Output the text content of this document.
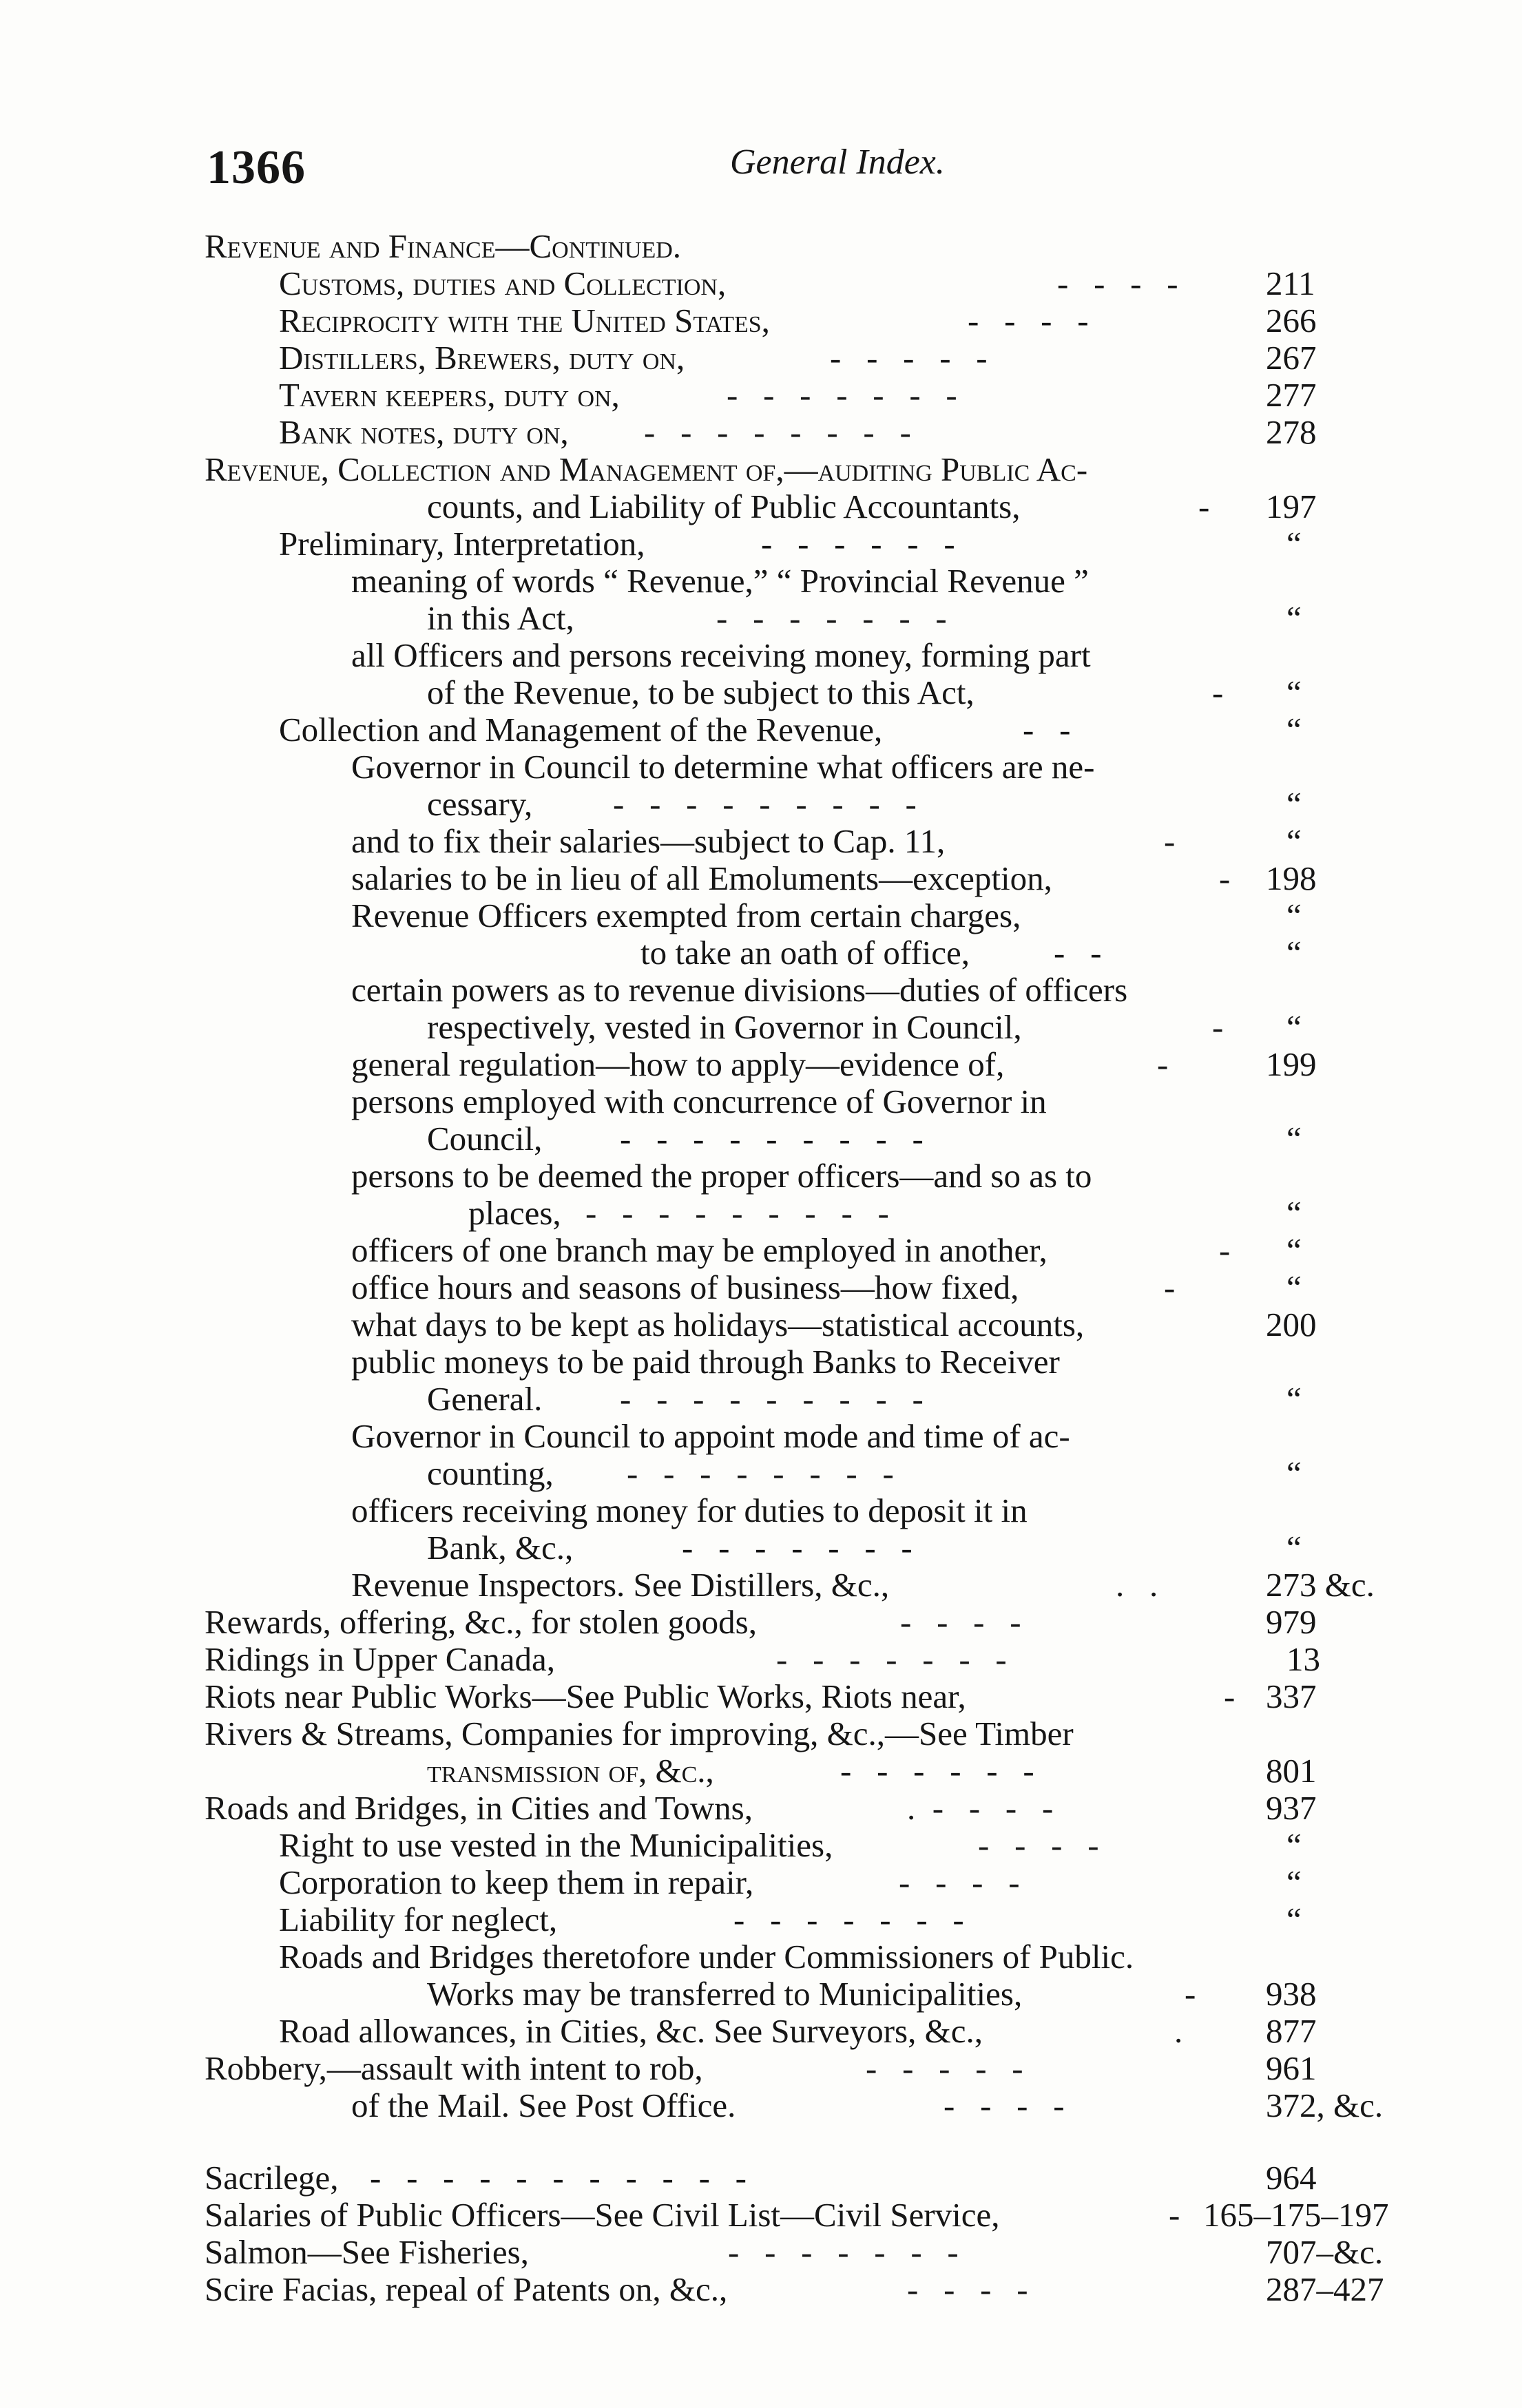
1366	General Index.
Revenue and Finance—Continued.
Customs, duties and Collection,	-   -   -   -	211
Reciprocity with the United States,	-   -   -   -	266
Distillers, Brewers, duty on,	-   -   -   -   -	267
Tavern keepers, duty on,	-   -   -   -   -   -   -	277
Bank notes, duty on, -   -   -   -   -   -   -   -	278
Revenue, Collection and Management of,—auditing Public Ac-
counts, and Liability of Public Accountants,	- 197
Preliminary, Interpretation,	-   -   -   -   -   -	“
meaning of words “ Revenue,” “ Provincial Revenue ”
in this Act,	-   -   -   -   -   -   -	“
all Officers and persons receiving money, forming part
of the Revenue, to be subject to this Act,	- “
Collection and Management of the Revenue,	-   -	“
Governor in Council to determine what officers are ne-
cessary, -   -   -   -   -   -   -   -   -	“
and to fix their salaries—subject to Cap. 11,	-	“
salaries to be in lieu of all Emoluments—exception,	- 198
Revenue Officers exempted from certain charges,	“
to take an oath of office, -   -	“
certain powers as to revenue divisions—duties of officers
respectively, vested in Governor in Council,	- “
general regulation—how to apply—evidence of,	-	199
persons employed with concurrence of Governor in
Council, -   -   -   -   -   -   -   -   -	“
persons to be deemed the proper officers—and so as to
places, -   -   -   -   -   -   -   -   -	“
officers of one branch may be employed in another,	- “
office hours and seasons of business—how fixed,	-	“
what days to be kept as holidays—statistical accounts,	200
public moneys to be paid through Banks to Receiver
General. -   -   -   -   -   -   -   -   -	“
Governor in Council to appoint mode and time of ac-
counting, -   -   -   -   -   -   -   -	“
officers receiving money for duties to deposit it in
Bank, &c.,	-   -   -   -   -   -   -	“
Revenue Inspectors. See Distillers, &c.,	.   .	273 &c.
Rewards, offering, &c., for stolen goods,	-   -   -   -	979
Ridings in Upper Canada,	-   -   -   -   -   -   -	13
Riots near Public Works—See Public Works, Riots near,	- 337
Rivers & Streams, Companies for improving, &c.,—See Timber
transmission of, &c.,	-   -   -   -   -   -	801
Roads and Bridges, in Cities and Towns,	.  -   -   -   -	937
Right to use vested in the Municipalities,	-   -   -   -	“
Corporation to keep them in repair,	-   -   -   -	“
Liability for neglect,	-   -   -   -   -   -   -	“
Roads and Bridges theretofore under Commissioners of Public.
Works may be transferred to Municipalities,	- 938
Road allowances, in Cities, &c. See Surveyors, &c.,	. 877
Robbery,—assault with intent to rob,	-   -   -   -   -	961
of the Mail. See Post Office.	-   -   -   -	372, &c.
Sacrilege, -   -   -   -   -   -   -   -   -   -   -	964
Salaries of Public Officers—See Civil List—Civil Service,	- 165–175–197
Salmon—See Fisheries,	-   -   -   -   -   -   -	707–&c.
Scire Facias, repeal of Patents on, &c.,	-   -   -   -	287–427
